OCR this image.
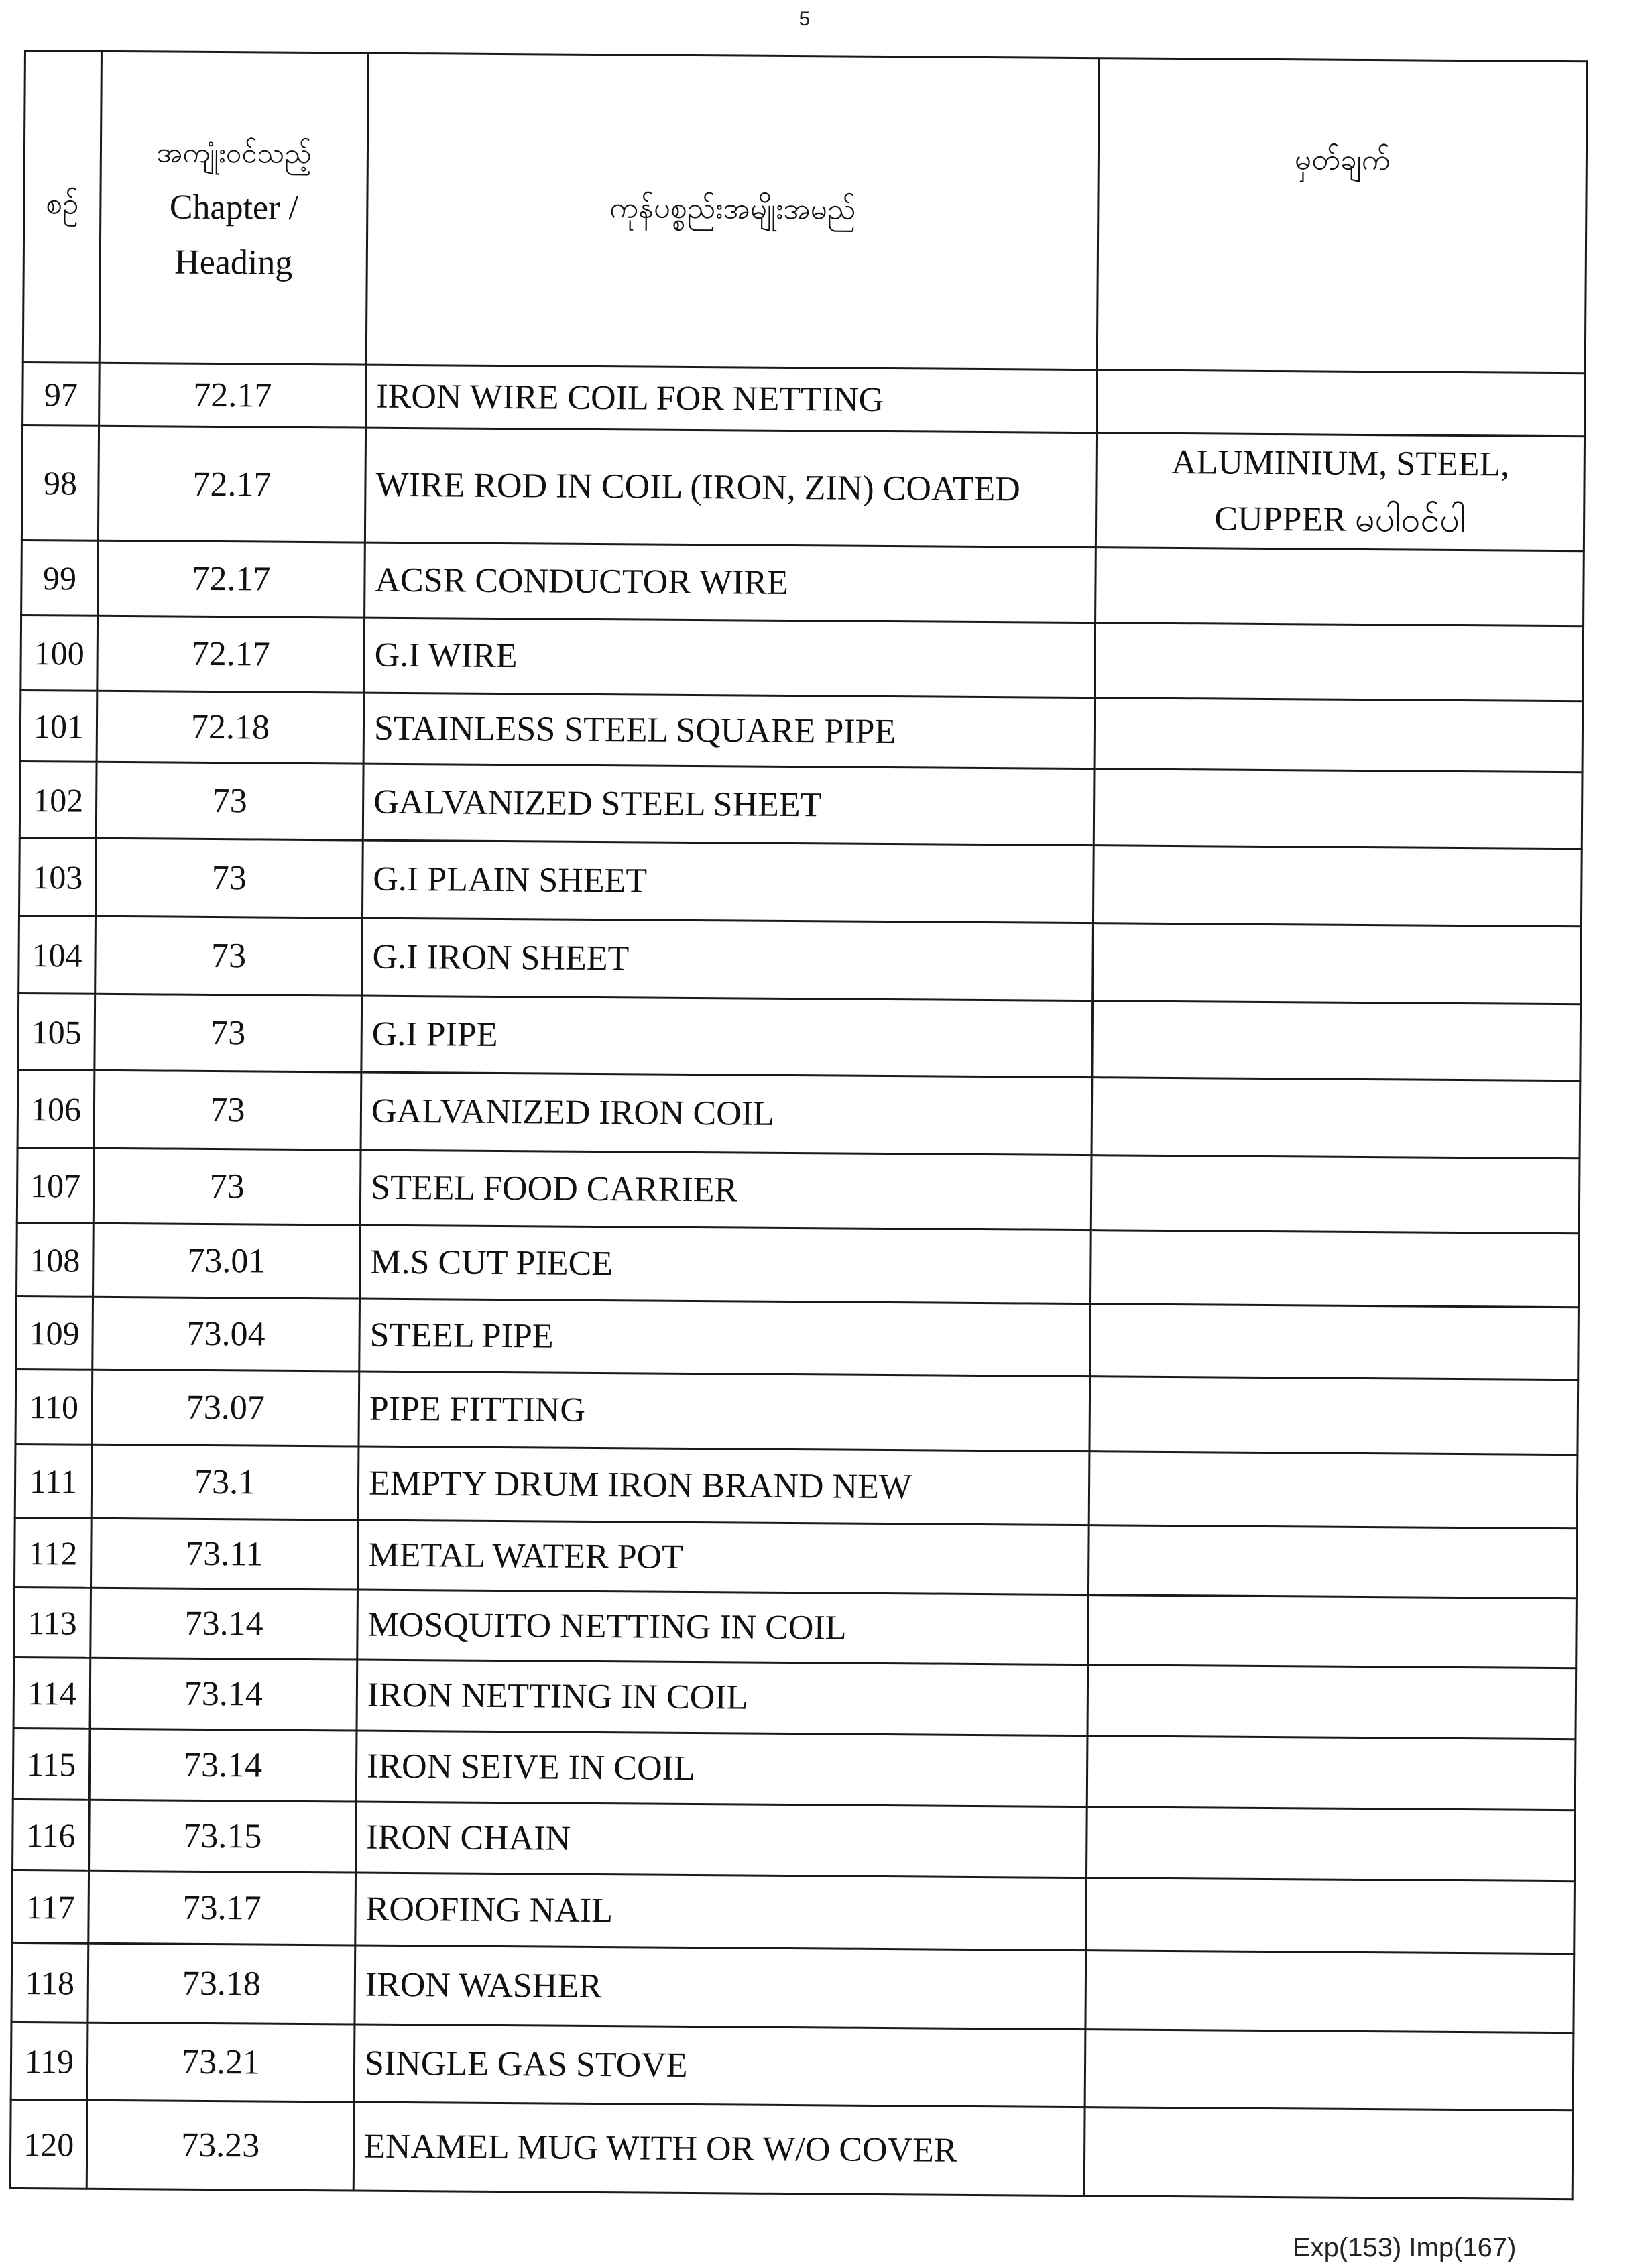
5
စဉ်	အကျုံးဝင်သည့်
Chapter /
Heading	ကုန်ပစ္စည်းအမျိုးအမည်	မှတ်ချက်
97	72.17	IRON WIRE COIL FOR NETTING	

98	72.17	WIRE ROD IN COIL (IRON, ZIN) COATED	ALUMINIUM, STEEL,
CUPPER မပါဝင်ပါ

99	72.17	ACSR CONDUCTOR WIRE	

100	72.17	G.I WIRE	

101	72.18	STAINLESS STEEL SQUARE PIPE	

102	73	GALVANIZED STEEL SHEET	

103	73	G.I PLAIN SHEET	

104	73	G.I IRON SHEET	

105	73	G.I PIPE	

106	73	GALVANIZED IRON COIL	

107	73	STEEL FOOD CARRIER	

108	73.01	M.S CUT PIECE	

109	73.04	STEEL PIPE	

110	73.07	PIPE FITTING	

111	73.1	EMPTY DRUM IRON BRAND NEW	

112	73.11	METAL WATER POT	

113	73.14	MOSQUITO NETTING IN COIL	

114	73.14	IRON NETTING IN COIL	

115	73.14	IRON SEIVE IN COIL	

116	73.15	IRON CHAIN	

117	73.17	ROOFING NAIL	

118	73.18	IRON WASHER	

119	73.21	SINGLE GAS STOVE	

120	73.23	ENAMEL MUG WITH OR W/O COVER	
Exp(153) Imp(167)
